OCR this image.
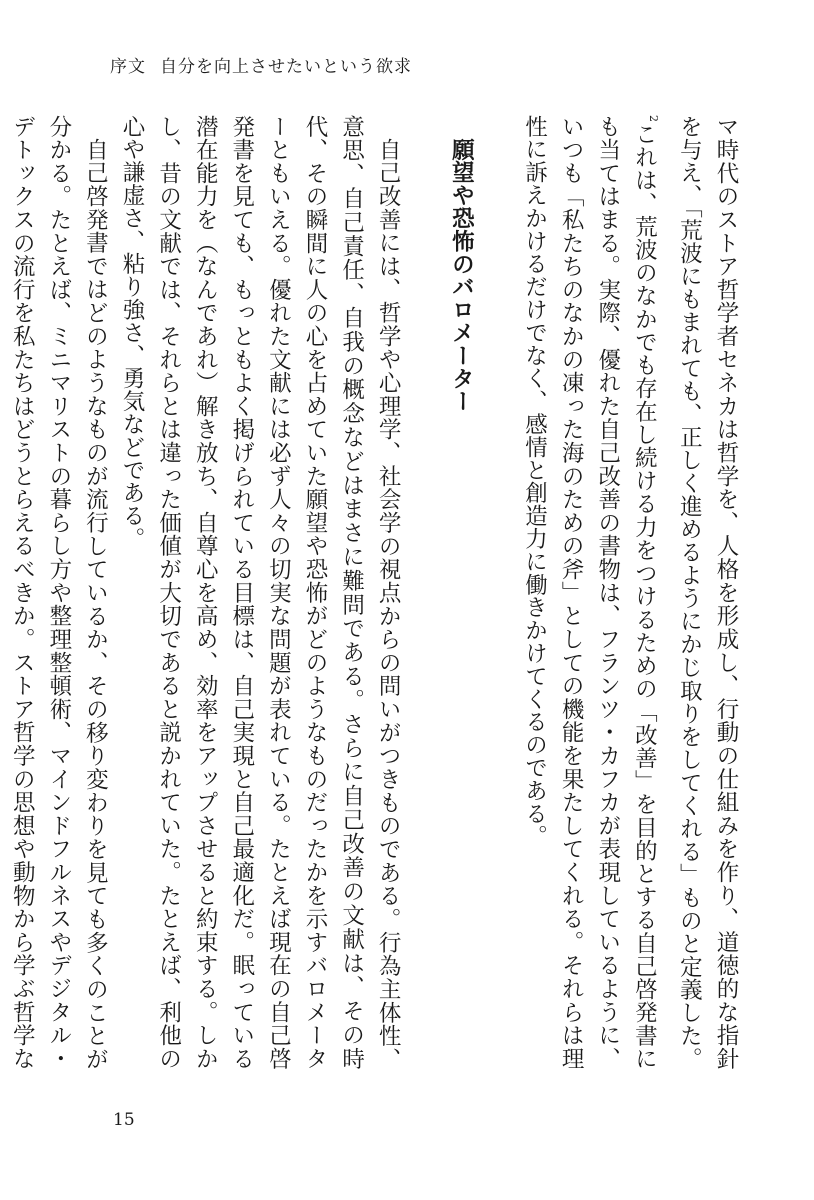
序文 自分を向上させたいという欲求

マ時代のストア哲学者セネカは哲学を、人格を形成し、行動の仕組みを作り、道徳的な指針を与え、「荒波にもまれても、正しく進めるようにかじ取りをしてくれる」ものと定義した。$^2$これは、荒波のなかでも存在し続ける力をつけるための「改善」を目的とする自己啓発書にも当てはまる。実際、優れた自己改善の書物は、フランツ・カフカが表現しているように、いつも「私たちのなかの凍った海のための斧」としての機能を果たしてくれる。それらは理性に訴えかけるだけでなく、感情と創造力に働きかけてくるのである。

願望や恐怖のバロメーター

自己改善には、哲学や心理学、社会学の視点からの問いがつきものである。行為主体性、意思、自己責任、自我の概念などはまさに難問である。さらに自己改善の文献は、その時代、その瞬間に人の心を占めていた願望や恐怖がどのようなものだったかを示すバロメーターともいえる。優れた文献には必ず人々の切実な問題が表れている。たとえば現在の自己啓発書を見ても、もっともよく掲げられている目標は、自己実現と自己最適化だ。眠っている潜在能力を（なんであれ）解き放ち、自尊心を高め、効率をアップさせると約束する。しかし、昔の文献では、それらとは違った価値が大切であると説かれていた。たとえば、利他の心や謙虚さ、粘り強さ、勇気などである。

自己啓発書ではどのようなものが流行しているか、その移り変わりを見ても多くのことが分かる。たとえば、ミニマリストの暮らし方や整理整頓術、マインドフルネスやデジタル・デトックスの流行を私たちはどうとらえるべきか。ストア哲学の思想や動物から学ぶ哲学な

15
